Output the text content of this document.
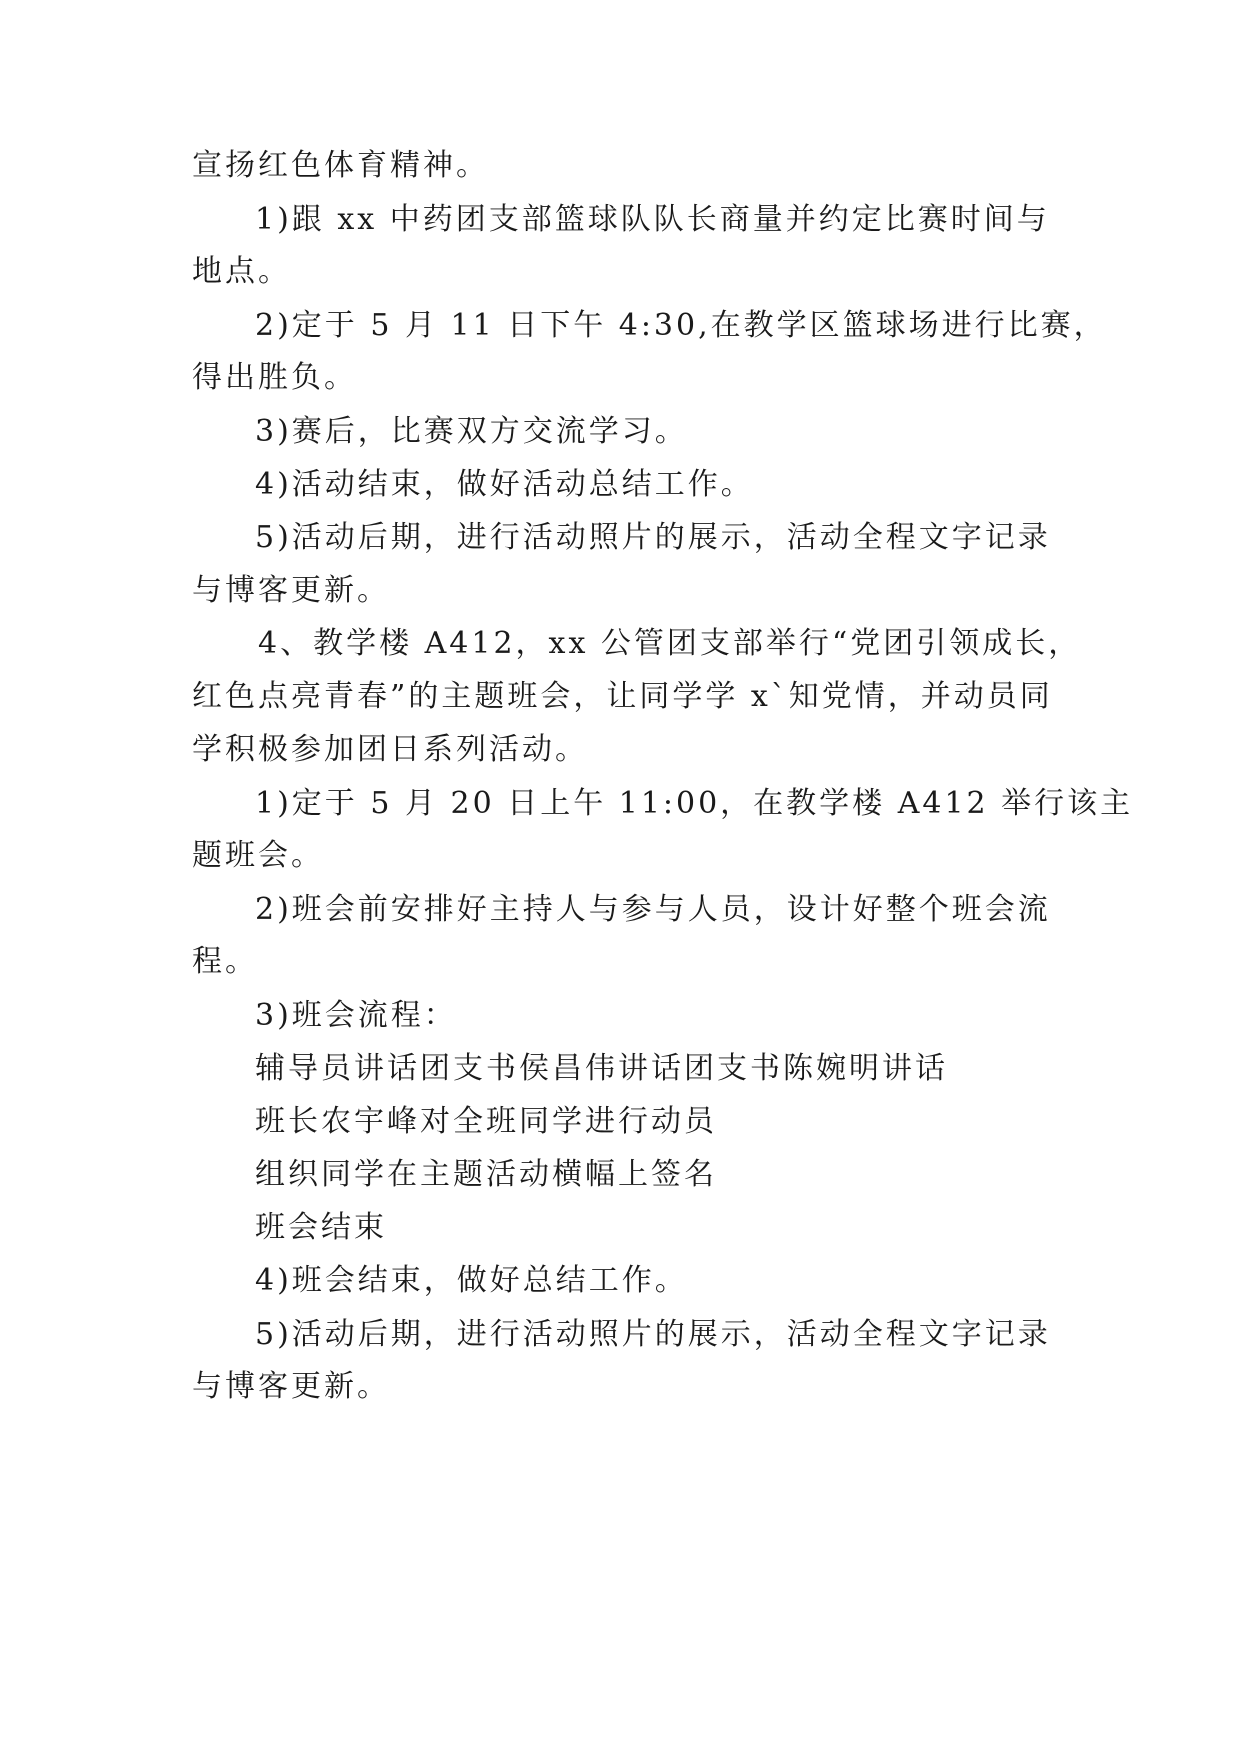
宣扬红色体育精神。
1)跟 xx 中药团支部篮球队队长商量并约定比赛时间与
地点。
2)定于 5 月 11 日下午 4:30,在教学区篮球场进行比赛，
得出胜负。
3)赛后，比赛双方交流学习。
4)活动结束，做好活动总结工作。
5)活动后期，进行活动照片的展示，活动全程文字记录
与博客更新。
4、教学楼 A412，xx 公管团支部举行“党团引领成长，
红色点亮青春”的主题班会，让同学学 x`知党情，并动员同
学积极参加团日系列活动。
1)定于 5 月 20 日上午 11:00，在教学楼 A412 举行该主
题班会。
2)班会前安排好主持人与参与人员，设计好整个班会流
程。
3)班会流程：
辅导员讲话团支书侯昌伟讲话团支书陈婉明讲话
班长农宇峰对全班同学进行动员
组织同学在主题活动横幅上签名
班会结束
4)班会结束，做好总结工作。
5)活动后期，进行活动照片的展示，活动全程文字记录
与博客更新。
